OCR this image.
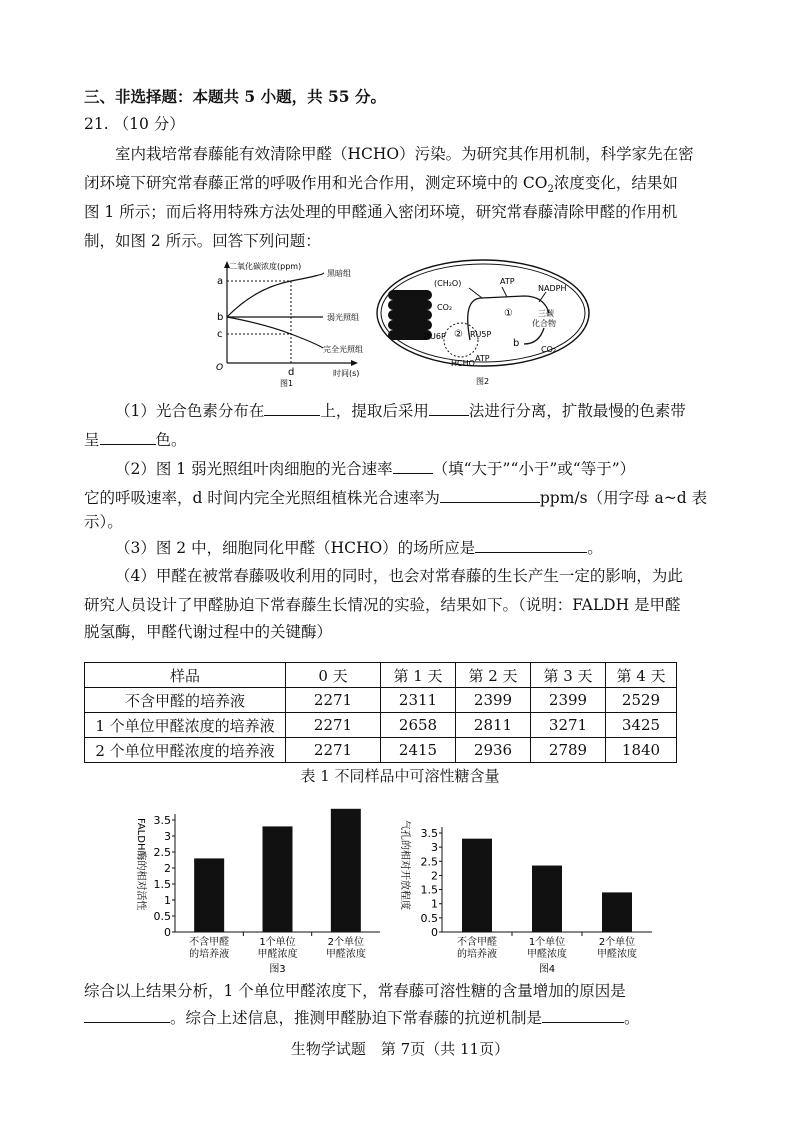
三、非选择题：本题共 5 小题，共 55 分。
21. （10 分）
室内栽培常春藤能有效清除甲醛（HCHO）污染。为研究其作用机制，科学家先在密
闭环境下研究常春藤正常的呼吸作用和光合作用，测定环境中的 $CO_2$浓度变化，结果如
图 1 所示；而后将用特殊方法处理的甲醛通入密闭环境，研究常春藤清除甲醛的作用机
制，如图 2 所示。回答下列问题：
二氧化碳浓度(ppm)
时间(s)
O
a
b
c
d
黑暗组
弱光照组
完全光照组
图1
(CH₂O)	ATP
NADPH
CO₂
①
②
三碳
化合物
HU6P	RU5P
b
HCHO
ATP
CO₂
图2
（1）光合色素分布在	上，提取后采用	法进行分离，扩散最慢的色素带
呈	色。
（2）图 1 弱光照组叶肉细胞的光合速率	（填“大于”“小于”或“等于”）
它的呼吸速率，d 时间内完全光照组植株光合速率为	ppm/s（用字母 a~d 表
示）。
（3）图 2 中，细胞同化甲醛（HCHO）的场所应是	。
（4）甲醛在被常春藤吸收利用的同时，也会对常春藤的生长产生一定的影响，为此
研究人员设计了甲醛胁迫下常春藤生长情况的实验，结果如下。（说明：FALDH 是甲醛
脱氢酶，甲醛代谢过程中的关键酶）
样品	0 天	第 1 天	第 2 天	第 3 天	第 4 天
不含甲醛的培养液	2271	2311	2399	2399	2529
1 个单位甲醛浓度的培养液	2271	2658	2811	3271	3425
2 个单位甲醛浓度的培养液	2271	2415	2936	2789	1840
表 1 不同样品中可溶性糖含量
0
0.5
1
1.5
2
2.5
3
3.5
FALDH酶的相对活性
不含甲醛
的培养液
1个单位
甲醛浓度
2个单位
甲醛浓度
图3
0
0.5
1
1.5
2
2.5
3
3.5
气孔的相对开放程度
不含甲醛
的培养液
1个单位
甲醛浓度
2个单位
甲醛浓度
图4
综合以上结果分析，1 个单位甲醛浓度下，常春藤可溶性糖的含量增加的原因是
。综合上述信息，推测甲醛胁迫下常春藤的抗逆机制是	。
生物学试题　第 7页（共 11页）
